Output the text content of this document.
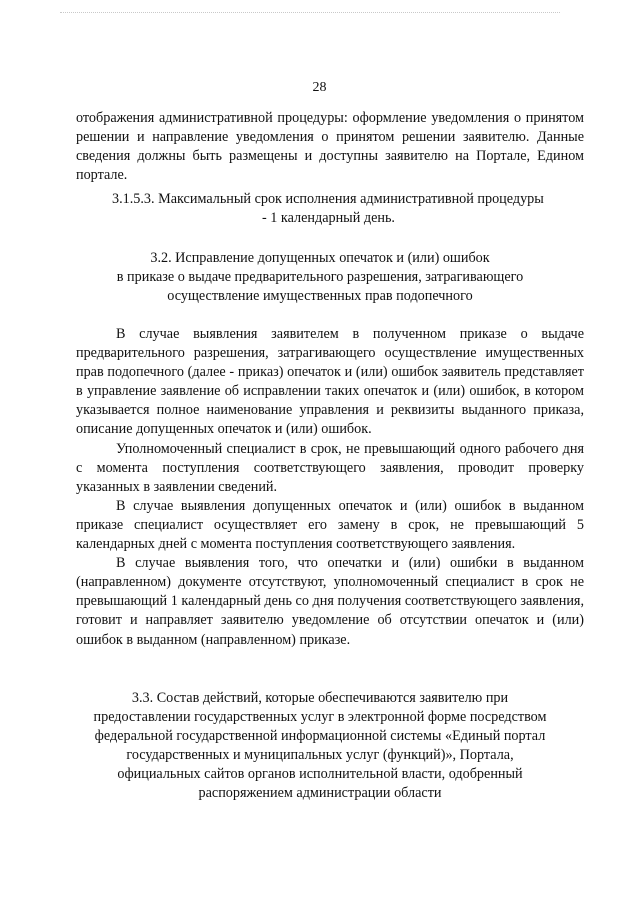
28

отображения административной процедуры: оформление уведомления о принятом решении и направление уведомления о принятом решении заявителю. Данные сведения должны быть размещены и доступны заявителю на Портале, Едином портале.

3.1.5.3. Максимальный срок исполнения административной процедуры
- 1 календарный день.
3.2. Исправление допущенных опечаток и (или) ошибок
в приказе о выдаче предварительного разрешения, затрагивающего
осуществление имущественных прав подопечного

В случае выявления заявителем в полученном приказе о выдаче предварительного разрешения, затрагивающего осуществление имущественных прав подопечного (далее - приказ) опечаток и (или) ошибок заявитель представляет в управление заявление об исправлении таких опечаток и (или) ошибок, в котором указывается полное наименование управления и реквизиты выданного приказа, описание допущенных опечаток и (или) ошибок.

Уполномоченный специалист в срок, не превышающий одного рабочего дня с момента поступления соответствующего заявления, проводит проверку указанных в заявлении сведений.

В случае выявления допущенных опечаток и (или) ошибок в выданном приказе специалист осуществляет его замену в срок, не превышающий 5 календарных дней с момента поступления соответствующего заявления.

В случае выявления того, что опечатки и (или) ошибки в выданном (направленном) документе отсутствуют, уполномоченный специалист в срок не превышающий 1 календарный день со дня получения соответствующего заявления, готовит и направляет заявителю уведомление об отсутствии опечаток и (или) ошибок в выданном (направленном) приказе.

3.3. Состав действий, которые обеспечиваются заявителю при
предоставлении государственных услуг в электронной форме посредством
федеральной государственной информационной системы «Единый портал
государственных и муниципальных услуг (функций)», Портала,
официальных сайтов органов исполнительной власти, одобренный
распоряжением администрации области
